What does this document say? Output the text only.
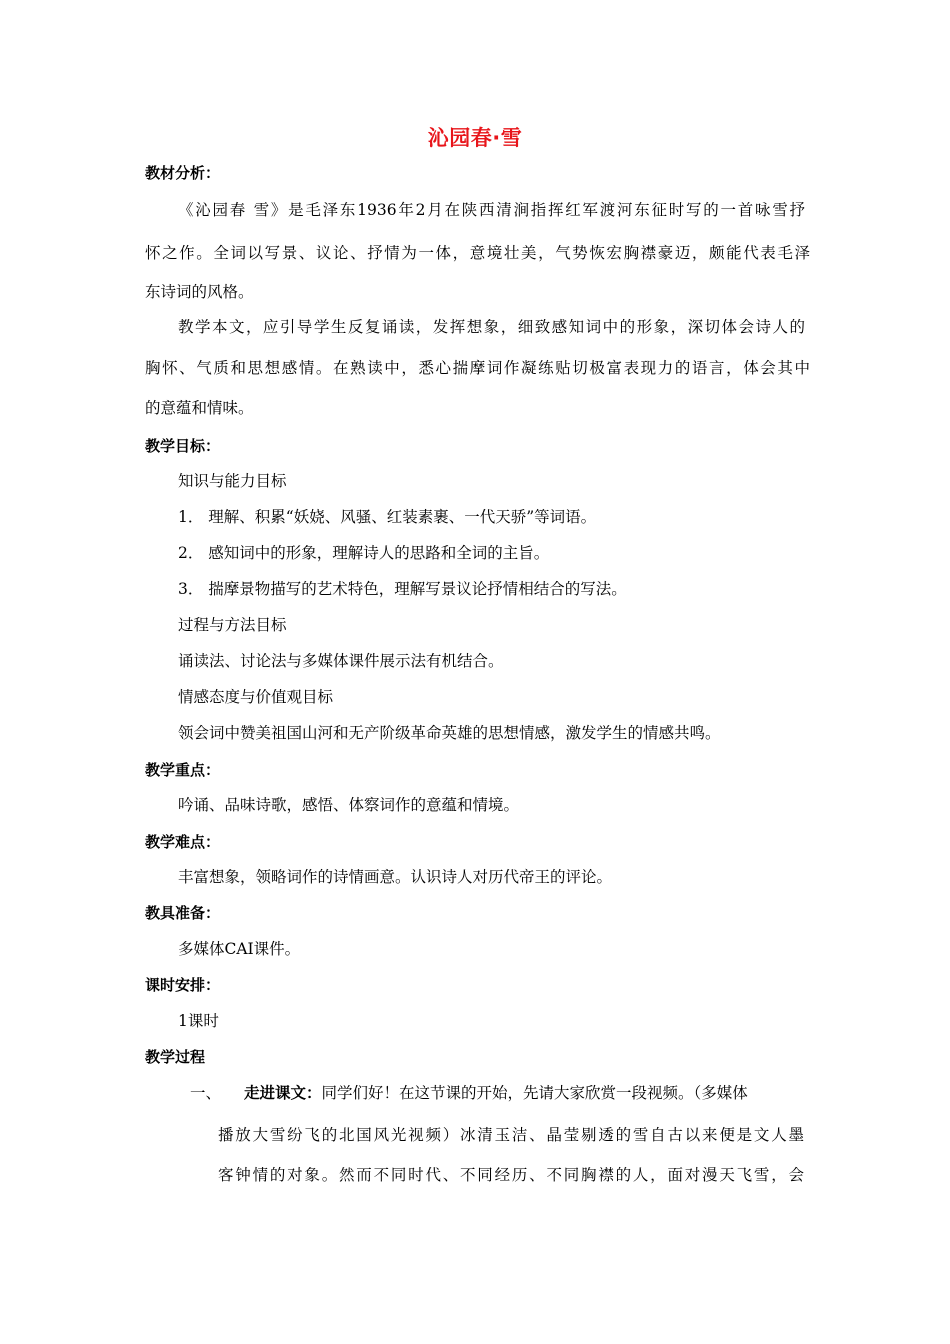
沁园春·雪
教材分析：
《沁园春 雪》是毛泽东1936年2月在陕西清涧指挥红军渡河东征时写的一首咏雪抒
怀之作。全词以写景、议论、抒情为一体，意境壮美，气势恢宏胸襟豪迈，颇能代表毛泽
东诗词的风格。
教学本文，应引导学生反复诵读，发挥想象，细致感知词中的形象，深切体会诗人的
胸怀、气质和思想感情。在熟读中，悉心揣摩词作凝练贴切极富表现力的语言，体会其中
的意蕴和情味。
教学目标：
知识与能力目标
1． 理解、积累“妖娆、风骚、红装素裹、一代天骄”等词语。
2． 感知词中的形象，理解诗人的思路和全词的主旨。
3． 揣摩景物描写的艺术特色，理解写景议论抒情相结合的写法。
过程与方法目标
诵读法、讨论法与多媒体课件展示法有机结合。
情感态度与价值观目标
领会词中赞美祖国山河和无产阶级革命英雄的思想情感，激发学生的情感共鸣。
教学重点：
吟诵、品味诗歌，感悟、体察词作的意蕴和情境。
教学难点：
丰富想象，领略词作的诗情画意。认识诗人对历代帝王的评论。
教具准备：
多媒体CAI课件。
课时安排：
1课时
教学过程
一、 走进课文：同学们好！在这节课的开始，先请大家欣赏一段视频。（多媒体
播放大雪纷飞的北国风光视频）冰清玉洁、晶莹剔透的雪自古以来便是文人墨
客钟情的对象。然而不同时代、不同经历、不同胸襟的人，面对漫天飞雪，会
